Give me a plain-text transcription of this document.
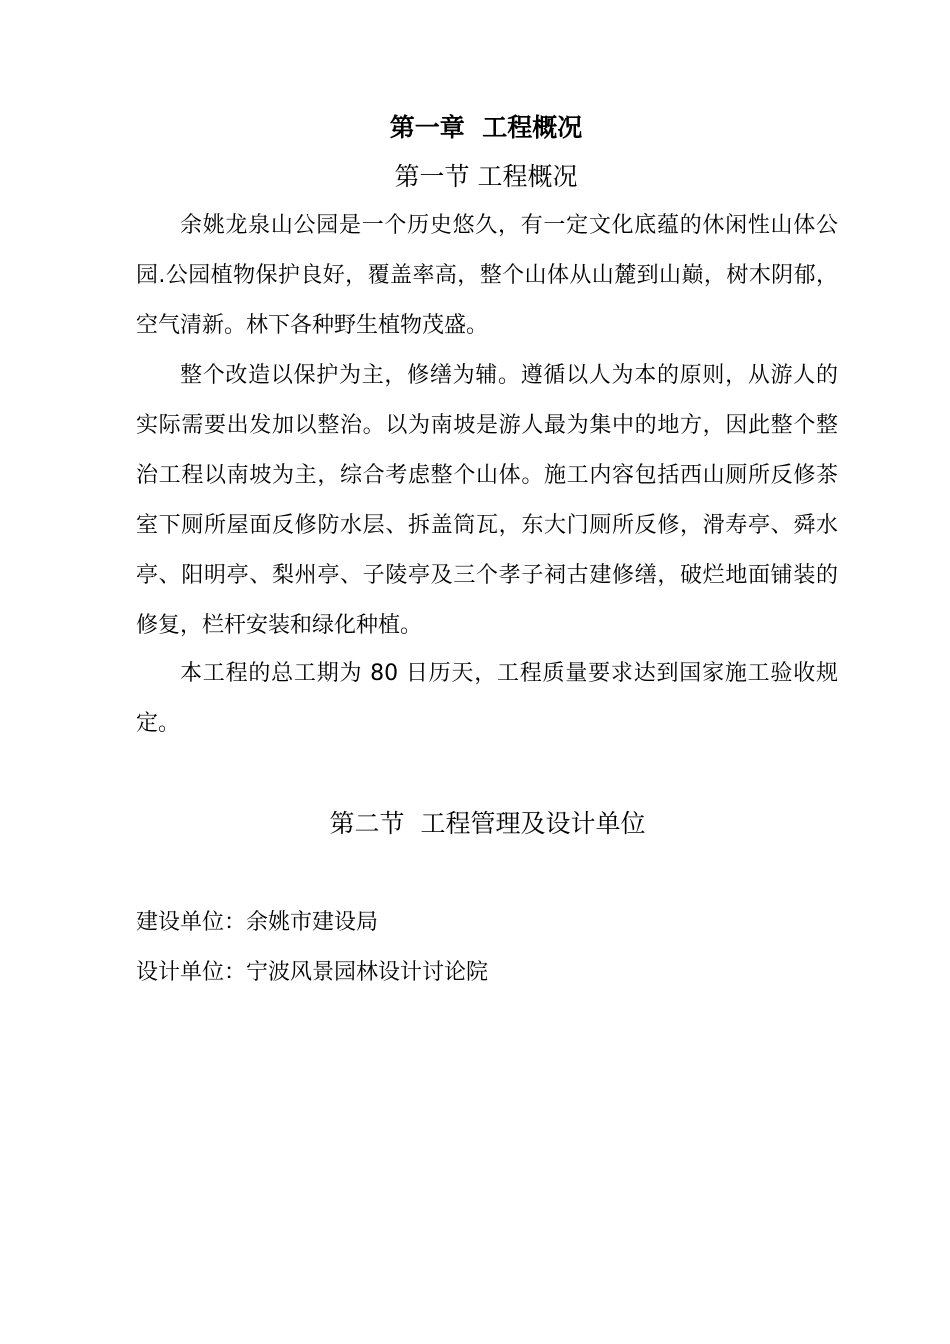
第一章  工程概况
第一节 工程概况

余姚龙泉山公园是一个历史悠久，有一定文化底蕴的休闲性山体公园.公园植物保护良好，覆盖率高，整个山体从山麓到山巅，树木阴郁，空气清新。林下各种野生植物茂盛。

整个改造以保护为主，修缮为辅。遵循以人为本的原则，从游人的实际需要出发加以整治。以为南坡是游人最为集中的地方，因此整个整治工程以南坡为主，综合考虑整个山体。施工内容包括西山厕所反修茶室下厕所屋面反修防水层、拆盖筒瓦，东大门厕所反修，滑寿亭、舜水亭、阳明亭、梨州亭、子陵亭及三个孝子祠古建修缮，破烂地面铺装的修复，栏杆安装和绿化种植。

本工程的总工期为 80 日历天，工程质量要求达到国家施工验收规定。

第二节  工程管理及设计单位
建设单位：余姚市建设局
设计单位：宁波风景园林设计讨论院
